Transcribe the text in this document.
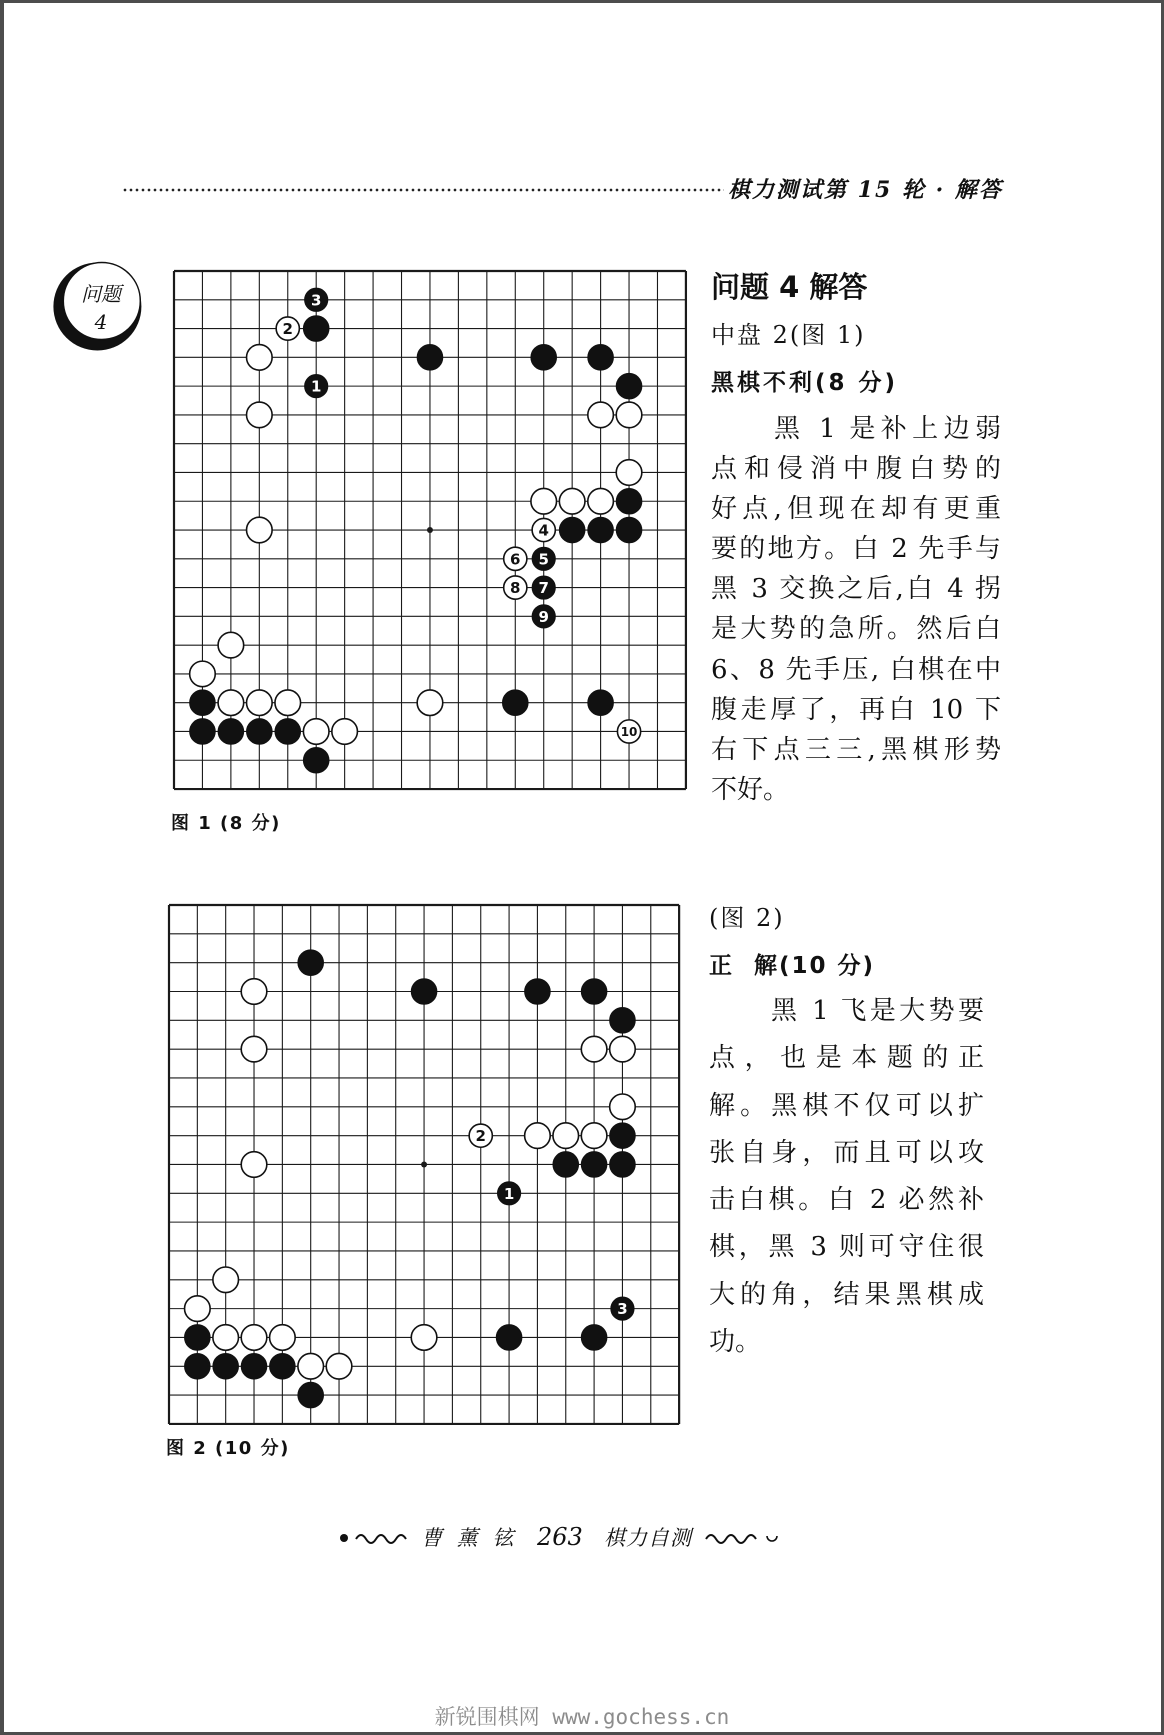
棋力测试第 15 轮 · 解答
问题
4
3
2
1
4
6 5
8 7
9
10
图 1 (8 分)
问题 4 解答
中盘 2(图 1)
黑棋不利(8 分)
黑 1 是补上边弱
点和侵消中腹白势的
好点,但现在却有更重
要的地方。白 2 先手与
黑 3 交换之后,白 4 拐
是大势的急所。然后白
6、8 先手压, 白棋在中
腹走厚了，再白 10 下
右下点三三,黑棋形势
不好。
2
1
3
图 2 (10 分)
(图 2)
正  解(10 分)
黑 1 飞是大势要
点，也是本题的正
解。黑棋不仅可以扩
张自身，而且可以攻
击白棋。白 2 必然补
棋，黑 3 则可守住很
大的角，结果黑棋成
功。
曹 薰 铉 263 棋力自测
新锐围棋网 www.gochess.cn
